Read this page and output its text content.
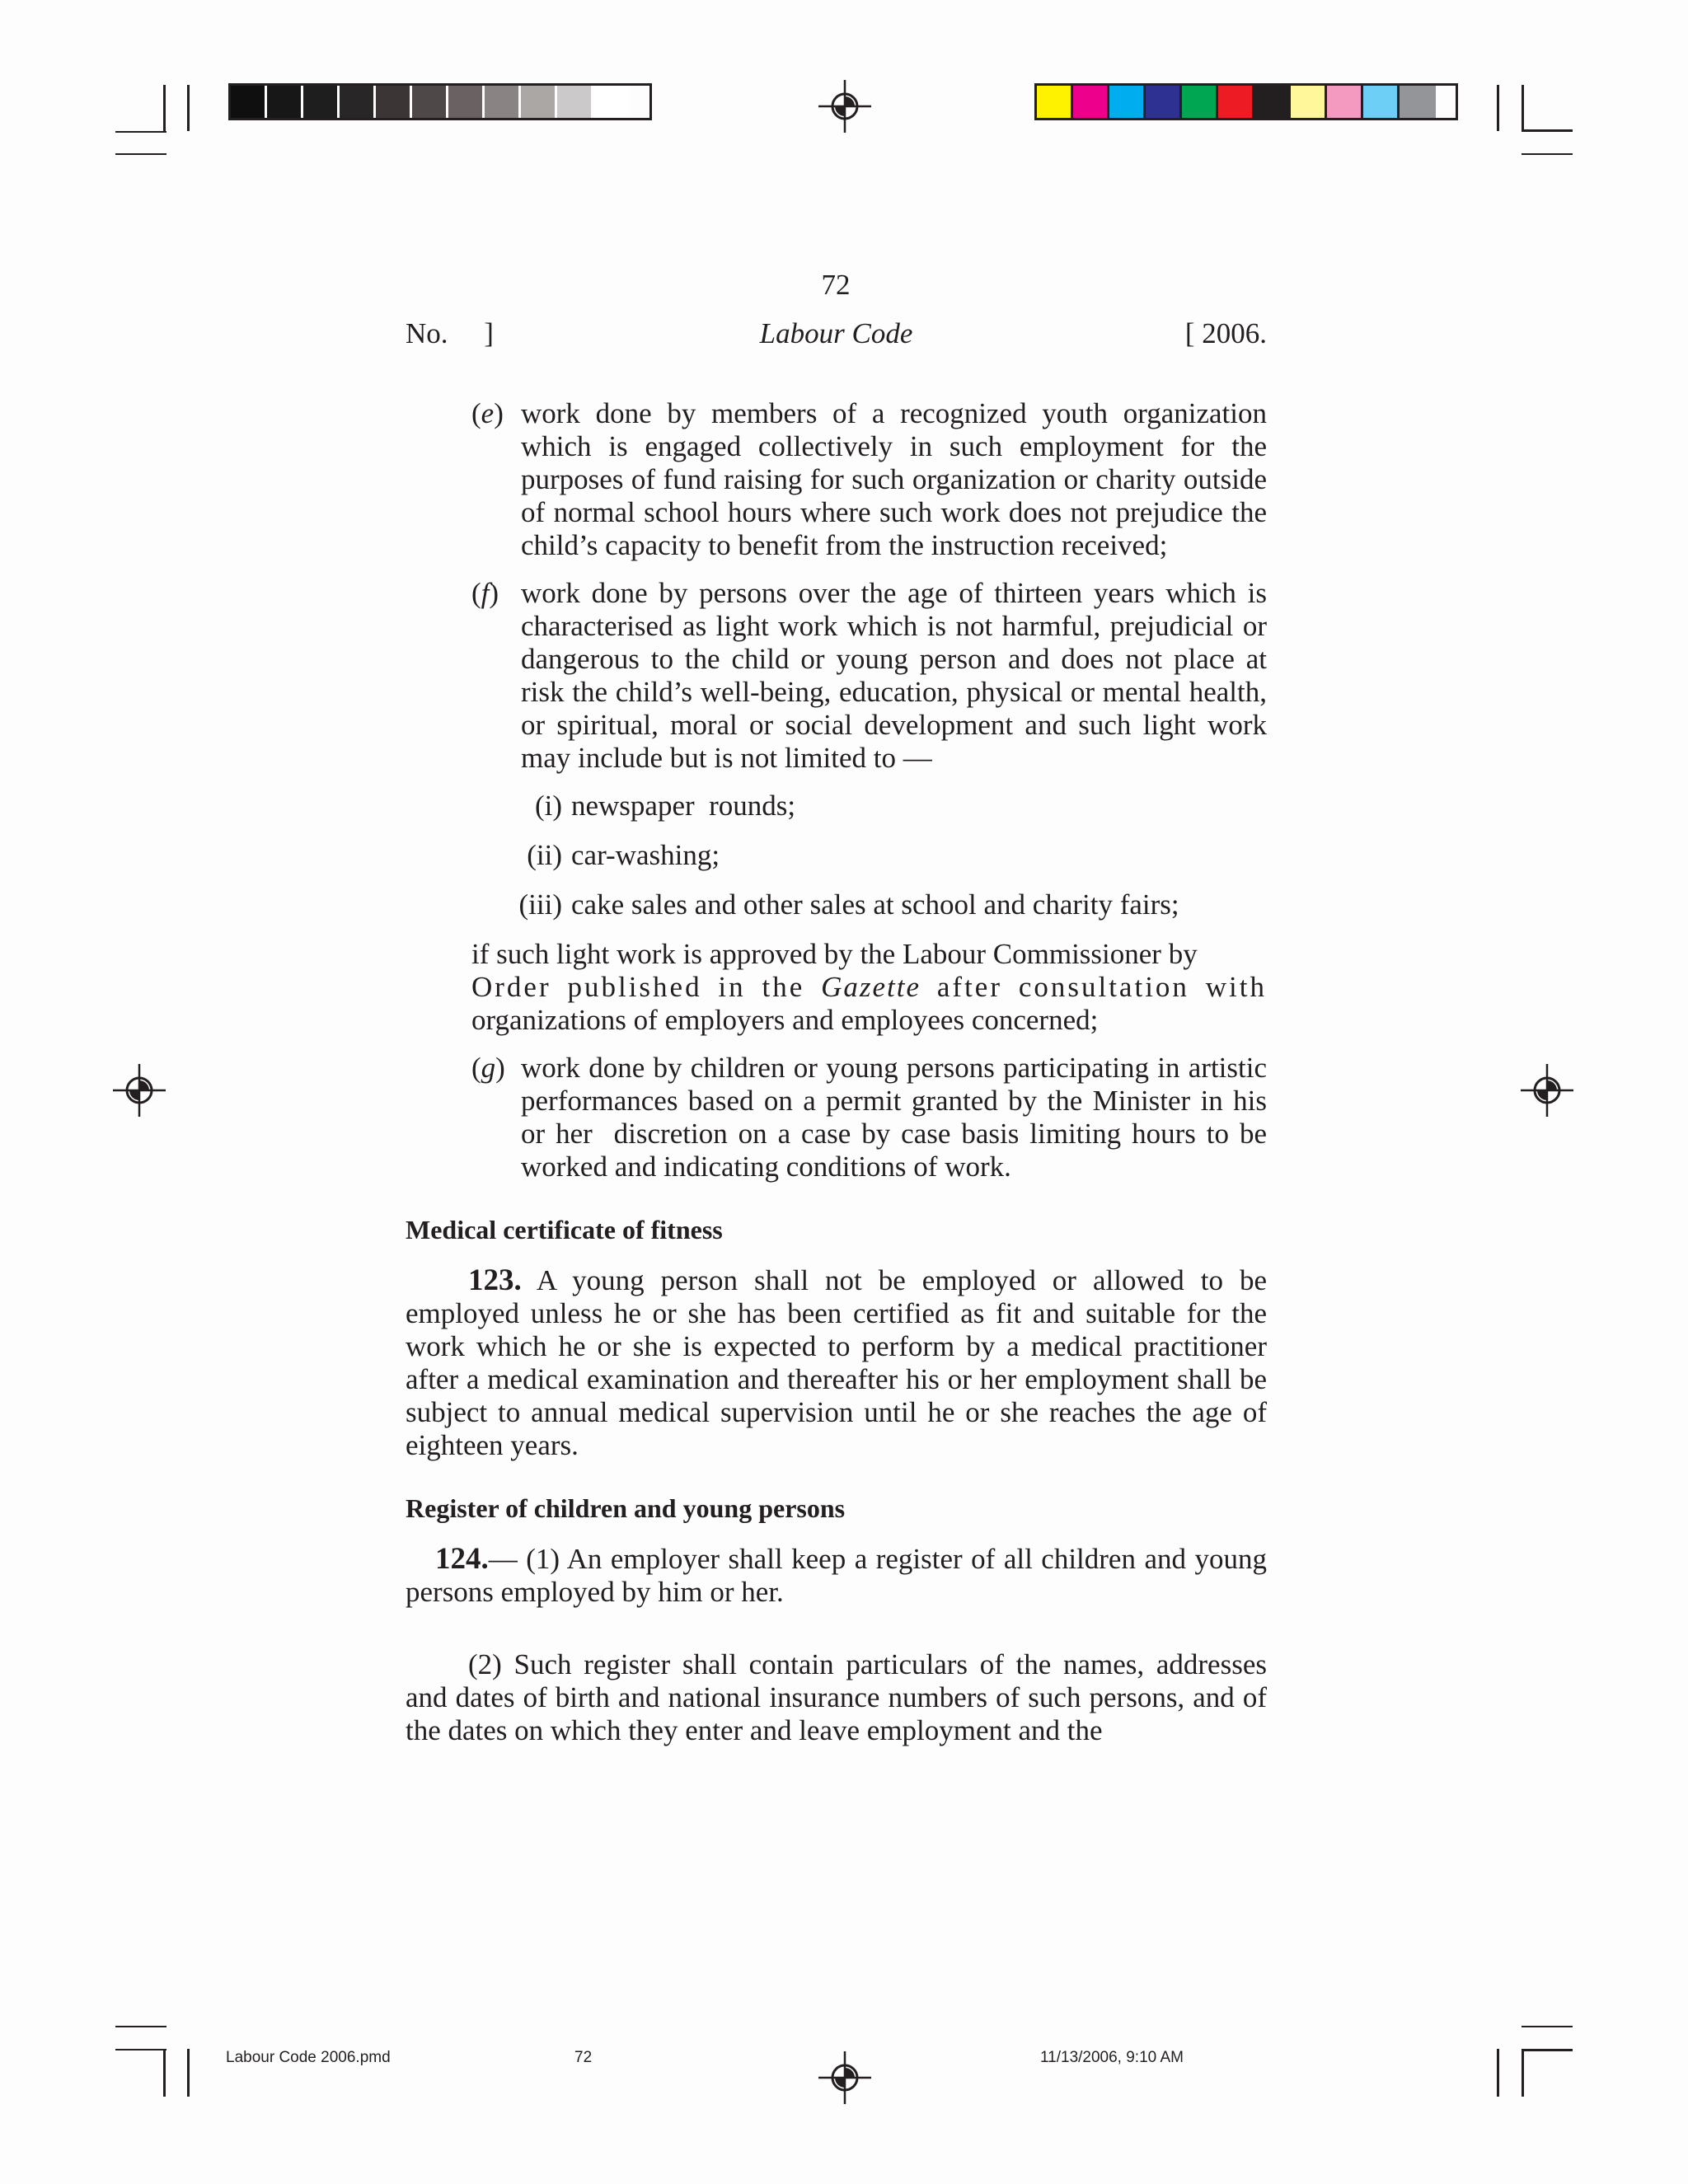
72
No.     ]	Labour Code	[ 2006.
(e) work done by members of a recognized youth organization which is engaged collectively in such employment for the purposes of fund raising for such organization or charity outside of normal school hours where such work does not prejudice the child’s capacity to benefit from the instruction received;
(f) work done by persons over the age of thirteen years which is characterised as light work which is not harmful, prejudicial or dangerous to the child or young person and does not place at risk the child’s well-being, education, physical or mental health, or spiritual, moral or social development and such light work may include but is not limited to —
(i) newspaper  rounds;
(ii) car-washing;
(iii) cake sales and other sales at school and charity fairs;
if such light work is approved by the Labour Commissioner by
Order published in the Gazette after consultation with
organizations of employers and employees concerned;
(g) work done by children or young persons participating in artistic performances based on a permit granted by the Minister in his or her  discretion on a case by case basis limiting hours to be worked and indicating conditions of work.
Medical certificate of fitness
123. A young person shall not be employed or allowed to be employed unless he or she has been certified as fit and suitable for the work which he or she is expected to perform by a medical practitioner after a medical examination and thereafter his or her employment shall be subject to annual medical supervision until he or she reaches the age of eighteen years.
Register of children and young persons
124.— (1) An employer shall keep a register of all children and young persons employed by him or her.
(2) Such register shall contain particulars of the names, addresses and dates of birth and national insurance numbers of such persons, and of the dates on which they enter and leave employment and the
Labour Code 2006.pmd	72	11/13/2006, 9:10 AM
